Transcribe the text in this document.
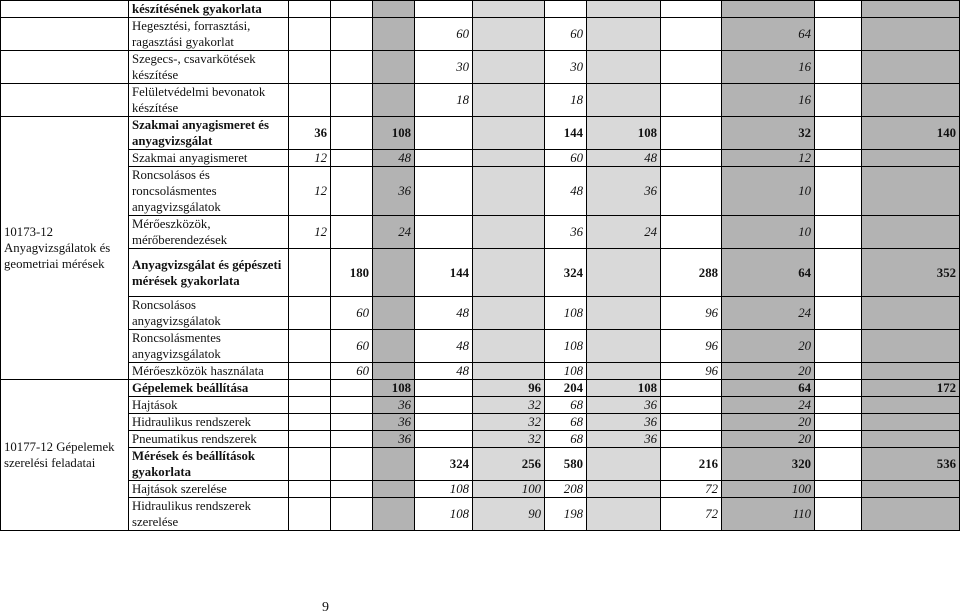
	készítésének gyakorlata											
	Hegesztési, forrasztási, ragasztási gyakorlat				60		60			64		
	Szegecs-, csavarkötések készítése				30		30			16		
	Felületvédelmi bevonatok készítése				18		18			16		
10173-12 Anyagvizsgálatok és geometriai mérések	Szakmai anyagismeret és anyagvizsgálat	36		108			144	108		32		140
	Szakmai anyagismeret	12		48			60	48		12		
	Roncsolásos és roncsolásmentes anyagvizsgálatok	12		36			48	36		10		
	Mérőeszközök, mérőberendezések	12		24			36	24		10		
	Anyagvizsgálat és gépészeti mérések gyakorlata		180		144		324		288	64		352
	Roncsolásos anyagvizsgálatok		60		48		108		96	24		
	Roncsolásmentes anyagvizsgálatok		60		48		108		96	20		
	Mérőeszközök használata		60		48		108		96	20		
10177-12 Gépelemek szerelési feladatai	Gépelemek beállítása			108		96	204	108		64		172
	Hajtások			36		32	68	36		24		
	Hidraulikus rendszerek			36		32	68	36		20		
	Pneumatikus rendszerek			36		32	68	36		20		
	Mérések és beállítások gyakorlata				324	256	580		216	320		536
	Hajtások szerelése				108	100	208		72	100		
	Hidraulikus rendszerek szerelése				108	90	198		72	110		
9
